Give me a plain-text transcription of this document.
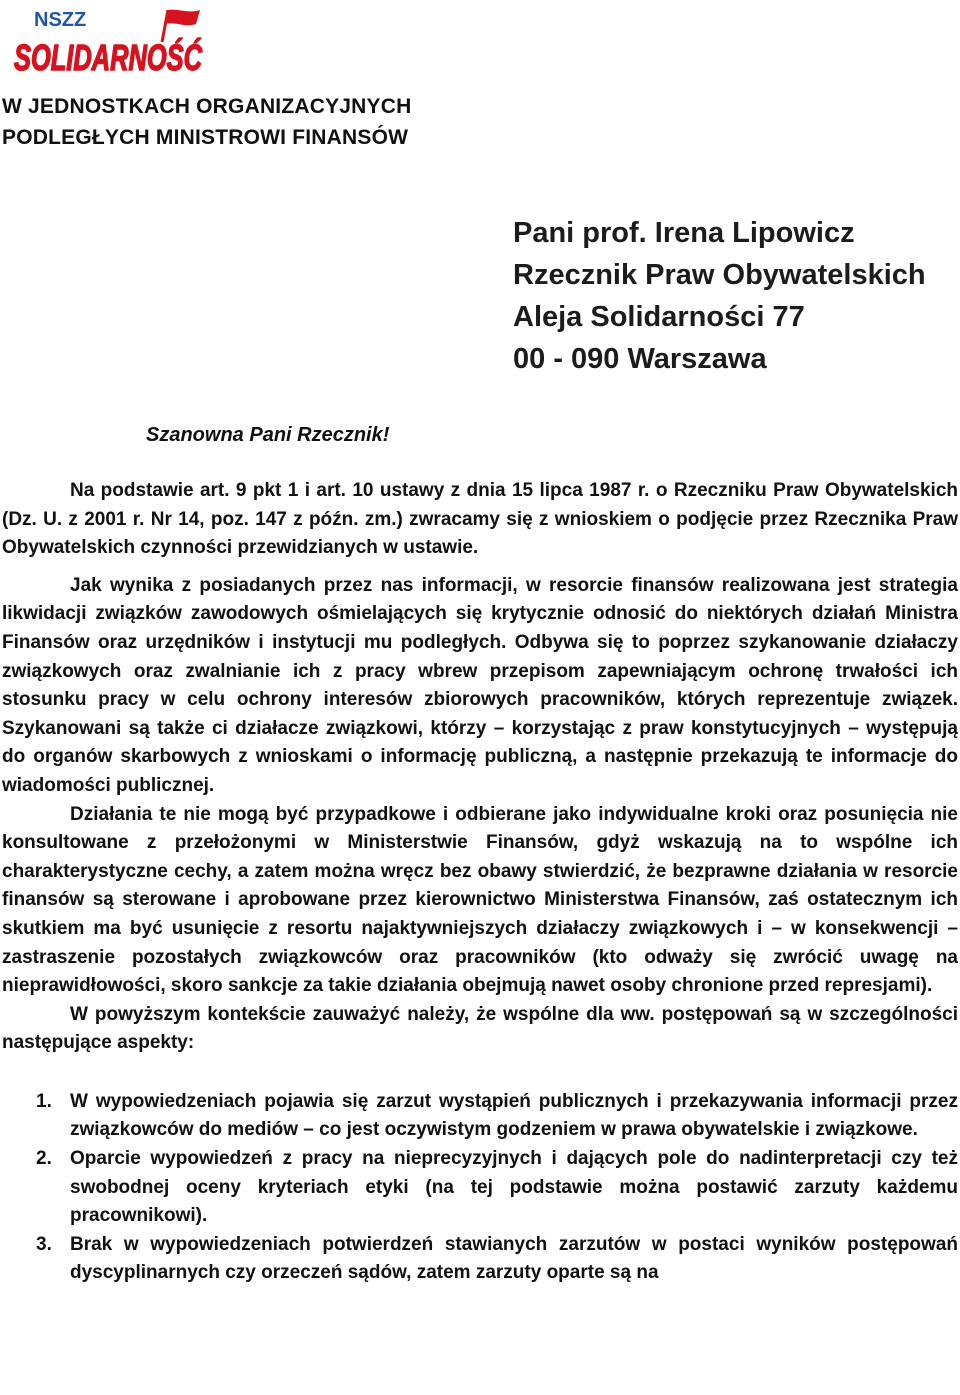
NSZZ
SOLIDARNOŚĆ
W JEDNOSTKACH ORGANIZACYJNYCH
PODLEGŁYCH MINISTROWI FINANSÓW
Pani prof. Irena Lipowicz
Rzecznik Praw Obywatelskich
Aleja Solidarności 77
00 - 090 Warszawa
Szanowna Pani Rzecznik!

Na podstawie art. 9 pkt 1 i art. 10 ustawy z dnia 15 lipca 1987 r. o Rzeczniku Praw Obywatelskich (Dz. U. z 2001 r. Nr 14, poz. 147 z późn. zm.) zwracamy się z wnioskiem o podjęcie przez Rzecznika Praw Obywatelskich czynności przewidzianych w ustawie.

Jak wynika z posiadanych przez nas informacji, w resorcie finansów realizowana jest strategia likwidacji związków zawodowych ośmielających się krytycznie odnosić do niektórych działań Ministra Finansów oraz urzędników i instytucji mu podległych. Odbywa się to poprzez szykanowanie działaczy związkowych oraz zwalnianie ich z pracy wbrew przepisom zapewniającym ochronę trwałości ich stosunku pracy w celu ochrony interesów zbiorowych pracowników, których reprezentuje związek. Szykanowani są także ci działacze związkowi, którzy – korzystając z praw konstytucyjnych – występują do organów skarbowych z wnioskami o informację publiczną, a następnie przekazują te informacje do wiadomości publicznej.

Działania te nie mogą być przypadkowe i odbierane jako indywidualne kroki oraz posunięcia nie konsultowane z przełożonymi w Ministerstwie Finansów, gdyż wskazują na to wspólne ich charakterystyczne cechy, a zatem można wręcz bez obawy stwierdzić, że bezprawne działania w resorcie finansów są sterowane i aprobowane przez kierownictwo Ministerstwa Finansów, zaś ostatecznym ich skutkiem ma być usunięcie z resortu najaktywniejszych działaczy związkowych i – w konsekwencji – zastraszenie pozostałych związkowców oraz pracowników (kto odważy się zwrócić uwagę na nieprawidłowości, skoro sankcje za takie działania obejmują nawet osoby chronione przed represjami).

W powyższym kontekście zauważyć należy, że wspólne dla ww. postępowań są w szczególności następujące aspekty:

1. W wypowiedzeniach pojawia się zarzut wystąpień publicznych i przekazywania informacji przez związkowców do mediów – co jest oczywistym godzeniem w prawa obywatelskie i związkowe.
2. Oparcie wypowiedzeń z pracy na nieprecyzyjnych i dających pole do nadinterpretacji czy też swobodnej oceny kryteriach etyki (na tej podstawie można postawić zarzuty każdemu pracownikowi).
3. Brak w wypowiedzeniach potwierdzeń stawianych zarzutów w postaci wyników postępowań dyscyplinarnych czy orzeczeń sądów, zatem zarzuty oparte są na
